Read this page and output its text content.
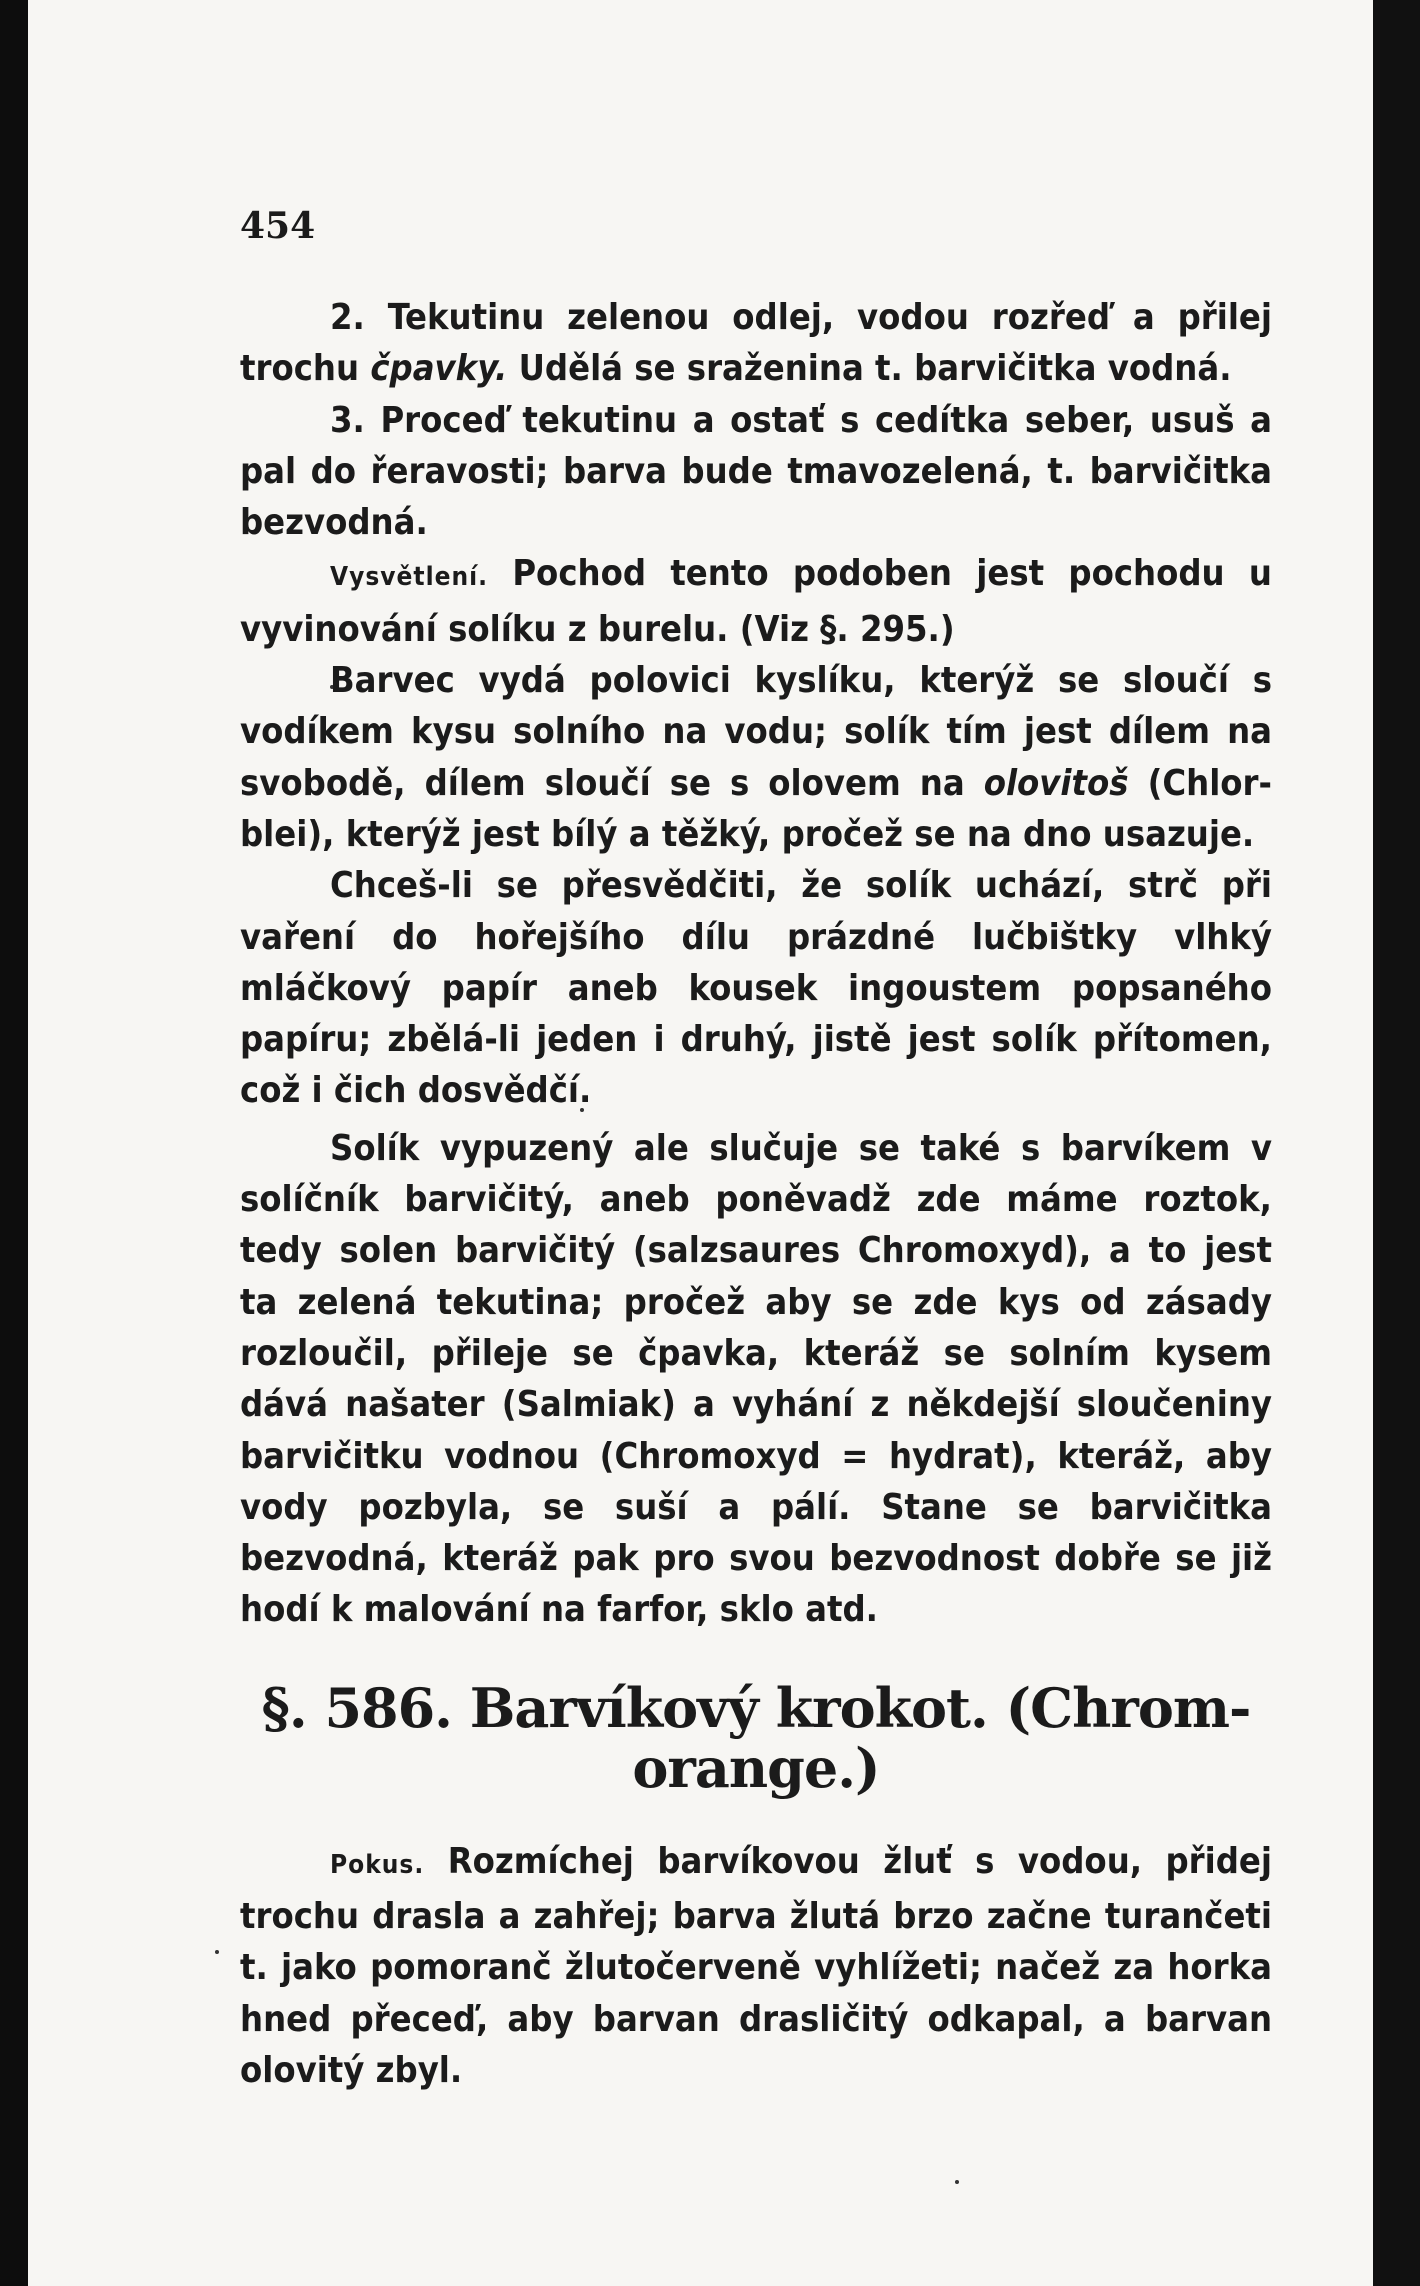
454

2. Tekutinu zelenou odlej, vodou rozřeď a přilej trochu čpavky. Udělá se sraženina t. barvičitka vodná.

3. Proceď tekutinu a ostať s cedítka seber, usuš a pal do řeravosti; barva bude tmavozelená, t. barvičitka bezvodná.

Vysvětlení. Pochod tento podoben jest pochodu u vyvinování solíku z burelu. (Viz §. 295.)

Barvec vydá polovici kyslíku, kterýž se sloučí s vodíkem kysu solního na vodu; solík tím jest dílem na svobodě, dílem sloučí se s olovem na olovitoš (Chlor- blei), kterýž jest bílý a těžký, pročež se na dno usazuje.

Chceš-li se přesvědčiti, že solík uchází, strč při vaření do hořejšího dílu prázdné lučbištky vlhký mláčkový papír aneb kousek ingoustem popsaného papíru; zbělá-li jeden i druhý, jistě jest solík přítomen, což i čich dosvědčí.

Solík vypuzený ale slučuje se také s barvíkem v solíčník barvičitý, aneb poněvadž zde máme roztok, tedy solen barvičitý (salzsaures Chromoxyd), a to jest ta zelená tekutina; pročež aby se zde kys od zásady rozloučil, přileje se čpavka, kteráž se solním kysem dává našater (Salmiak) a vyhání z někdejší sloučeniny barvičitku vodnou (Chromoxyd = hydrat), kteráž, aby vody pozbyla, se suší a pálí. Stane se barvičitka bezvodná, kteráž pak pro svou bezvodnost dobře se již hodí k malování na farfor, sklo atd.

§. 586. Barvíkový krokot. (Chrom-orange.)

Pokus. Rozmíchej barvíkovou žluť s vodou, přidej trochu drasla a zahřej; barva žlutá brzo začne turančeti t. jako pomoranč žlutočerveně vyhlížeti; načež za horka hned přeceď, aby barvan drasličitý odkapal, a barvan olovitý zbyl.
